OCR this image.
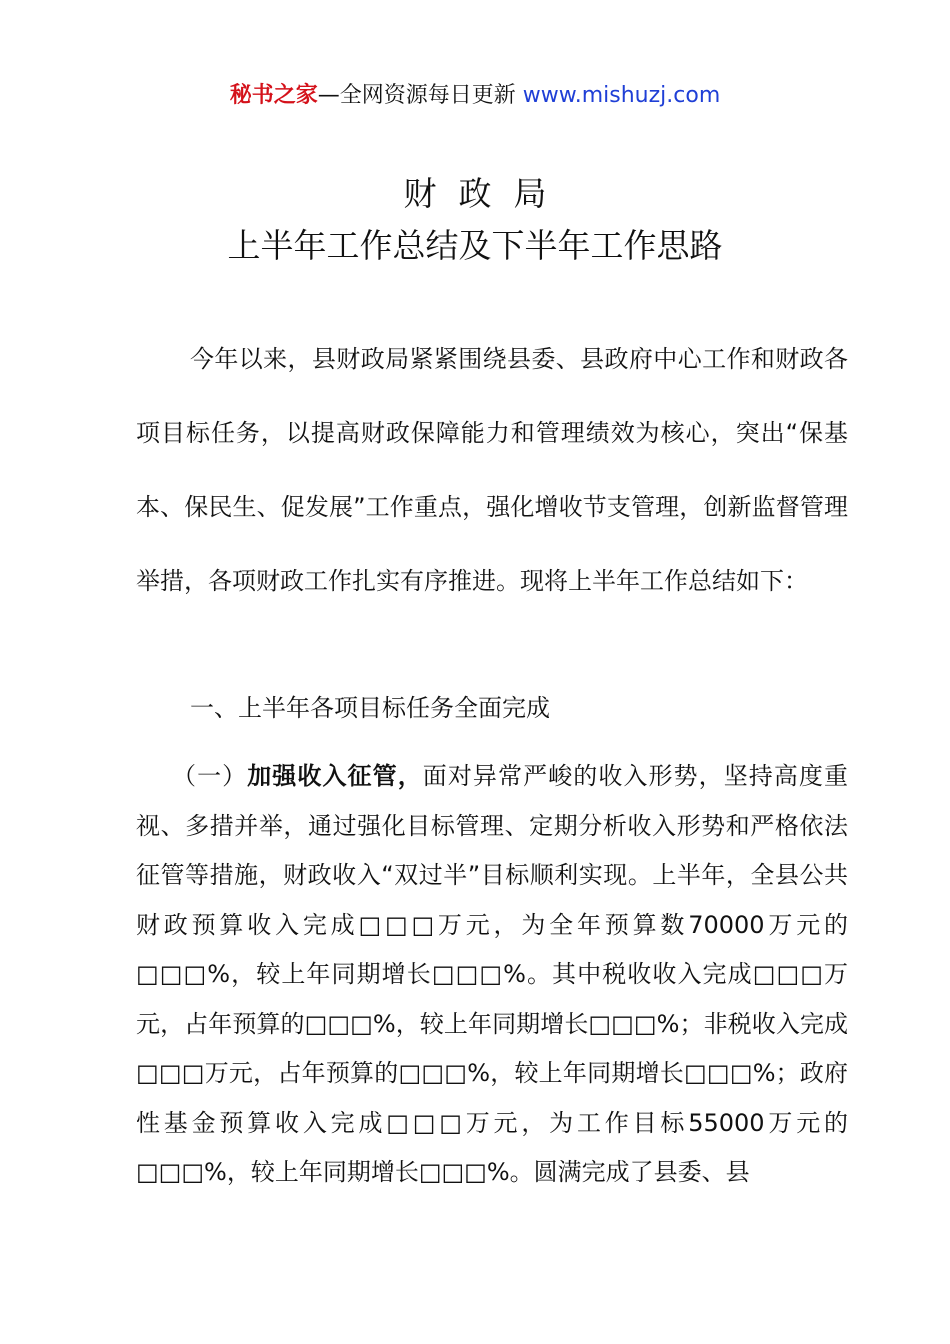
秘书之家—全网资源每日更新 www.mishuzj.com
财政局
上半年工作总结及下半年工作思路

今年以来，县财政局紧紧围绕县委、县政府中心工作和财政各项目标任务，以提高财政保障能力和管理绩效为核心，突出“保基本、保民生、促发展”工作重点，强化增收节支管理，创新监督管理举措，各项财政工作扎实有序推进。现将上半年工作总结如下：

一、上半年各项目标任务全面完成

（一）加强收入征管，面对异常严峻的收入形势，坚持高度重视、多措并举，通过强化目标管理、定期分析收入形势和严格依法征管等措施，财政收入“双过半”目标顺利实现。上半年，全县公共财政预算收入完成□□□万元，为全年预算数70000万元的□□□%，较上年同期增长□□□%。其中税收收入完成□□□万元，占年预算的□□□%，较上年同期增长□□□%；非税收入完成□□□万元，占年预算的□□□%，较上年同期增长□□□%；政府性基金预算收入完成□□□万元，为工作目标55000万元的□□□%，较上年同期增长□□□%。圆满完成了县委、县
